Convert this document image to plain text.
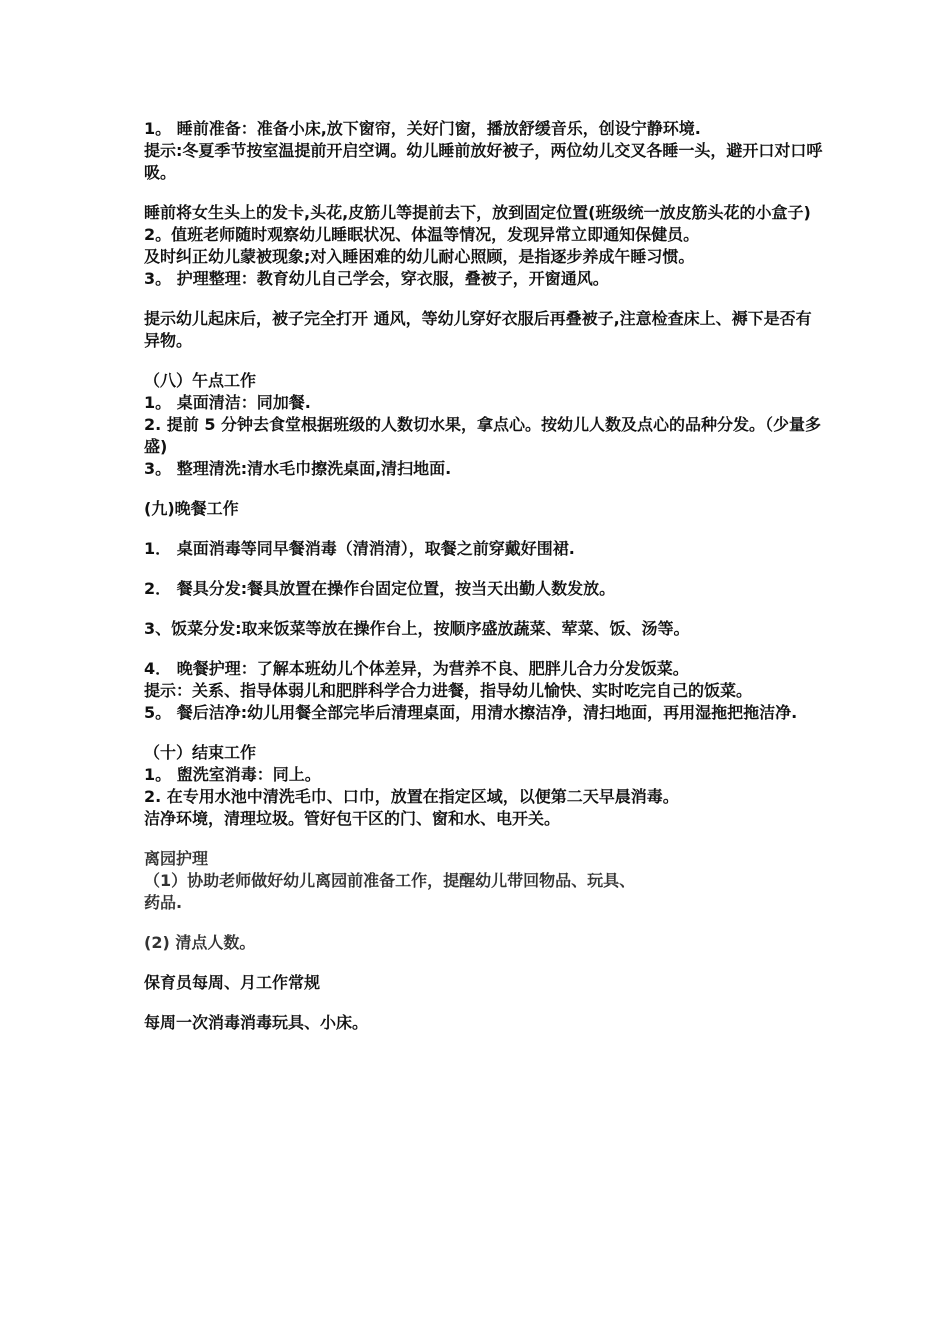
1。 睡前准备：准备小床,放下窗帘，关好门窗，播放舒缓音乐，创设宁静环境.

提示:冬夏季节按室温提前开启空调。幼儿睡前放好被子，两位幼儿交叉各睡一头，避开口对口呼吸。

睡前将女生头上的发卡,头花,皮筋儿等提前去下，放到固定位置(班级统一放皮筋头花的小盒子)

2。值班老师随时观察幼儿睡眠状况、体温等情况，发现异常立即通知保健员。

及时纠正幼儿蒙被现象;对入睡困难的幼儿耐心照顾，是指逐步养成午睡习惯。

3。 护理整理：教育幼儿自己学会，穿衣服，叠被子，开窗通风。

提示幼儿起床后，被子完全打开 通风，等幼儿穿好衣服后再叠被子,注意检查床上、褥下是否有异物。

（八）午点工作

1。 桌面清洁：同加餐.

2. 提前 5 分钟去食堂根据班级的人数切水果，拿点心。按幼儿人数及点心的品种分发。（少量多盛)

3。 整理清洗:清水毛巾擦洗桌面,清扫地面.

(九)晚餐工作

1． 桌面消毒等同早餐消毒（清消清），取餐之前穿戴好围裙.

2． 餐具分发:餐具放置在操作台固定位置，按当天出勤人数发放。

3、饭菜分发:取来饭菜等放在操作台上，按顺序盛放蔬菜、荤菜、饭、汤等。

4． 晚餐护理：了解本班幼儿个体差异，为营养不良、肥胖儿合力分发饭菜。

提示：关系、指导体弱儿和肥胖科学合力进餐，指导幼儿愉快、实时吃完自己的饭菜。

5。 餐后洁净:幼儿用餐全部完毕后清理桌面，用清水擦洁净，清扫地面，再用湿拖把拖洁净.

（十）结束工作

1。 盥洗室消毒：同上。

2. 在专用水池中清洗毛巾、口巾，放置在指定区域，以便第二天早晨消毒。

洁净环境，清理垃圾。管好包干区的门、窗和水、电开关。

离园护理

（1）协助老师做好幼儿离园前准备工作，提醒幼儿带回物品、玩具、

药品.

(2) 清点人数。

保育员每周、月工作常规

每周一次消毒消毒玩具、小床。
